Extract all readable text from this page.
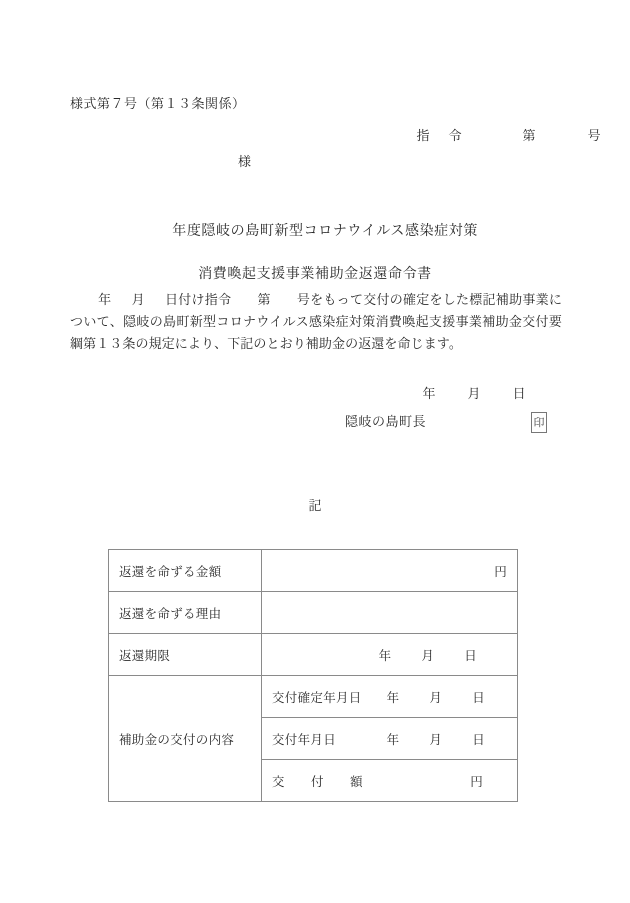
様式第７号（第１３条関係）

指　令	第	号

様

年度隠岐の島町新型コロナウイルス感染症対策

消費喚起支援事業補助金返還命令書

年 月 日付け指令 第 号をもって交付の確定をした標記補助事業について、隠岐の島町新型コロナウイルス感染症対策消費喚起支援事業補助金交付要綱第１３条の規定により、下記のとおり補助金の返還を命じます。

年 月 日

隠岐の島町長	印
記
返還を命ずる金額	円
返還を命ずる理由	
返還期限	年 月 日

補助金の交付の内容	交付確定年月日 年 月 日

	交付年月日 年 月 日

	交　付　額 円
